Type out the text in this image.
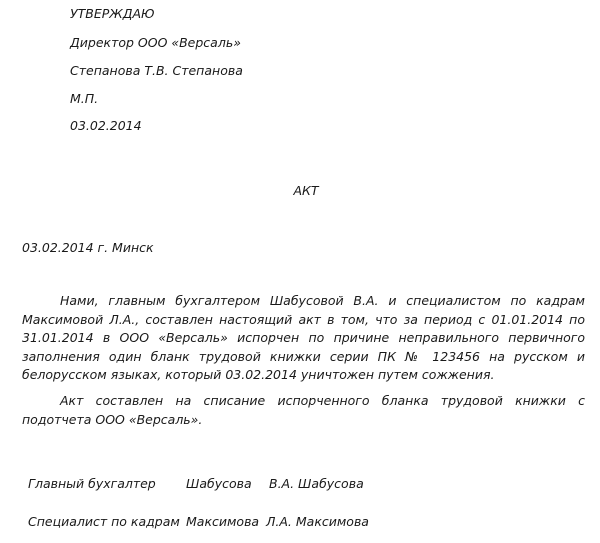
УТВЕРЖДАЮ
Директор ООО «Версаль»
Степанова Т.В. Степанова
М.П.
03.02.2014
АКТ
03.02.2014 г. Минск

Нами, главным бухгалтером Шабусовой В.А. и специалистом по кадрам Максимовой Л.А., составлен настоящий акт в том, что за период с 01.01.2014 по 31.01.2014 в ООО «Версаль» испорчен по причине неправильного первичного заполнения один бланк трудовой книжки серии ПК № 123456 на русском и белорусском языках, который 03.02.2014 уничтожен путем сожжения.

Акт составлен на списание испорченного бланка трудовой книжки с подотчета ООО «Версаль».

Главный бухгалтер Шабусова В.А. Шабусова
Специалист по кадрам Максимова Л.А. Максимова
